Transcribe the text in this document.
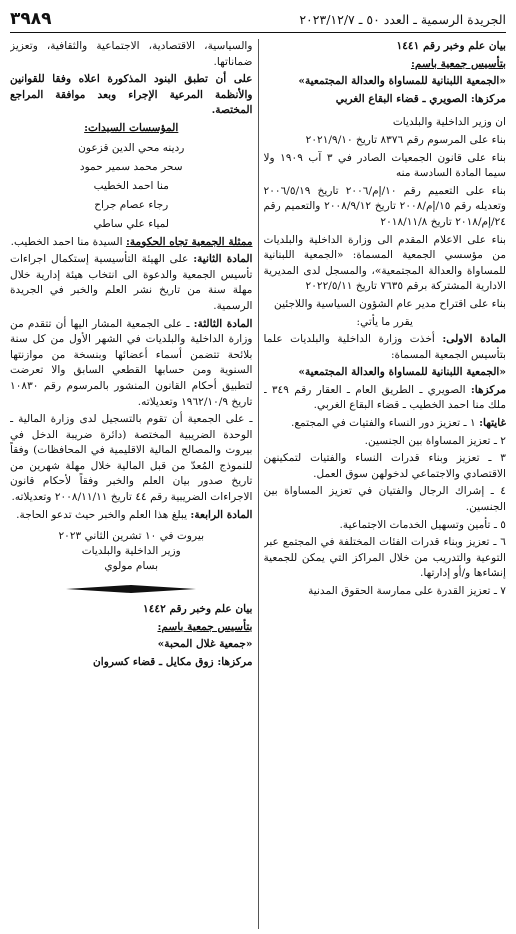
الجريدة الرسمية ـ العدد ٥٠ ـ ٢٠٢٣/١٢/٧
٣٩٨٩

بيان علم وخبر رقم ١٤٤١

بتأسيس جمعية باسم:

«الجمعية اللبنانية للمساواة والعدالة المجتمعية»

مركزها: الصويري ـ قضاء البقاع الغربي

ان وزير الداخلية والبلديات

بناء على المرسوم رقم ٨٣٧٦ تاريخ ٢٠٢١/٩/١٠

بناء على قانون الجمعيات الصادر في ٣ آب ١٩٠٩ ولا سيما المادة السادسة منه

بناء على التعميم رقم ١٠/إم/٢٠٠٦ تاريخ ٢٠٠٦/٥/١٩ وتعديله رقم ١٥/إم/٢٠٠٨ تاريخ ٢٠٠٨/٩/١٢ والتعميم رقم ٢٤/إم/٢٠١٨ تاريخ ٢٠١٨/١١/٨

بناء على الاعلام المقدم الى وزارة الداخلية والبلديات من مؤسسي الجمعية المسماة: «الجمعية اللبنانية للمساواة والعدالة المجتمعية»، والمسجل لدى المديرية الادارية المشتركة برقم ٧٦٣٥ تاريخ ٢٠٢٢/٥/١١

بناء على اقتراح مدير عام الشؤون السياسية واللاجئين

يقرر ما يأتي:

المادة الاولى: أخذت وزارة الداخلية والبلديات علما بتأسيس الجمعية المسماة:

«الجمعية اللبنانية للمساواة والعدالة المجتمعية»

مركزها: الصويري ـ الطريق العام ـ العقار رقم ٣٤٩ ـ ملك منا احمد الخطيب ـ قضاء البقاع الغربي.

غايتها: ١ ـ تعزيز دور النساء والفتيات في المجتمع.

٢ ـ تعزيز المساواة بين الجنسين.

٣ ـ تعزيز وبناء قدرات النساء والفتيات لتمكينهن الاقتصادي والاجتماعي لدخولهن سوق العمل.

٤ ـ إشراك الرجال والفتيان في تعزيز المساواة بين الجنسين.

٥ ـ تأمين وتسهيل الخدمات الاجتماعية.

٦ ـ تعزيز وبناء قدرات الفئات المختلفة في المجتمع عبر التوعية والتدريب من خلال المراكز التي يمكن للجمعية إنشاءها و/أو إدارتها.

٧ ـ تعزيز القدرة على ممارسة الحقوق المدنية

والسياسية، الاقتصادية، الاجتماعية والثقافية، وتعزيز ضماناتها.

على أن تطبق البنود المذكورة اعلاه وفقا للقوانين والأنظمة المرعية الإجراء وبعد موافقة المراجع المختصة.

المؤسسات السيدات:

ردينه محي الدين قزعون
سحر محمد سمير حمود
منا احمد الخطيب
رجاء عصام جراح
لمياء علي ساطي

ممثلة الجمعية تجاه الحكومة: السيدة منا احمد الخطيب.

المادة الثانية: على الهيئة التأسيسية إستكمال اجراءات تأسيس الجمعية والدعوة الى انتخاب هيئة إدارية خلال مهلة سنة من تاريخ نشر العلم والخبر في الجريدة الرسمية.

المادة الثالثة: ـ على الجمعية المشار اليها أن تتقدم من وزارة الداخلية والبلديات في الشهر الأول من كل سنة بلائحة تتضمن أسماء أعضائها وبنسخة من موازنتها السنوية ومن حسابها القطعي السابق والا تعرضت لتطبيق أحكام القانون المنشور بالمرسوم رقم ١٠٨٣٠ تاريخ ١٩٦٢/١٠/٩ وتعديلاته.

ـ على الجمعية أن تقوم بالتسجيل لدى وزارة المالية ـ الوحدة الضريبية المختصة (دائرة ضريبة الدخل في بيروت والمصالح المالية الاقليمية في المحافظات) وفقاً للنموذج المُعدّ من قبل المالية خلال مهلة شهرين من تاريخ صدور بيان العلم والخبر وفقاً لأحكام قانون الاجراءات الضريبية رقم ٤٤ تاريخ ٢٠٠٨/١١/١١ وتعديلاته.

المادة الرابعة: يبلغ هذا العلم والخبر حيث تدعو الحاجة.

بيروت في ١٠ تشرين الثاني ٢٠٢٣
وزير الداخلية والبلديات
بسام مولوي

بيان علم وخبر رقم ١٤٤٢

بتأسيس جمعية باسم:

«جمعية غلال المحبة»

مركزها: زوق مكايل ـ قضاء كسروان
